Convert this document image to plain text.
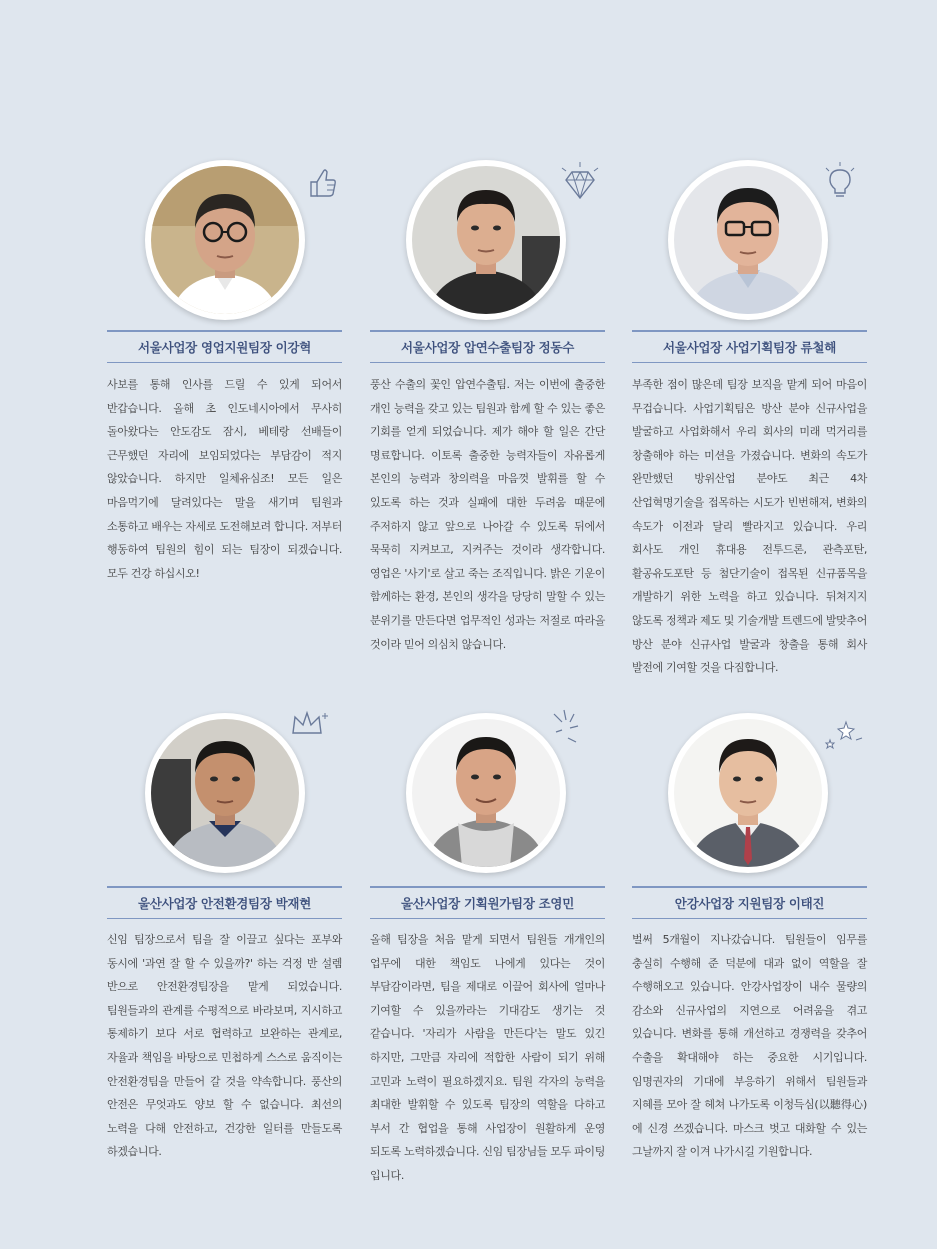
서울사업장 영업지원팀장 이강혁
사보를 통해 인사를 드릴 수 있게 되어서 반갑습니다. 올해 초 인도네시아에서 무사히 돌아왔다는 안도감도 잠시, 베테랑 선배들이 근무했던 자리에 보임되었다는 부담감이 적지 않았습니다. 하지만 일체유심조! 모든 일은 마음먹기에 달려있다는 말을 새기며 팀원과 소통하고 배우는 자세로 도전해보려 합니다. 저부터 행동하여 팀원의 힘이 되는 팀장이 되겠습니다. 모두 건강 하십시오!
서울사업장 압연수출팀장 정동수
풍산 수출의 꽃인 압연수출팀. 저는 이번에 출중한 개인 능력을 갖고 있는 팀원과 함께 할 수 있는 좋은 기회를 얻게 되었습니다. 제가 해야 할 일은 간단 명료합니다. 이토록 출중한 능력자들이 자유롭게 본인의 능력과 창의력을 마음껏 발휘를 할 수 있도록 하는 것과 실패에 대한 두려움 때문에 주저하지 않고 앞으로 나아갈 수 있도록 뒤에서 묵묵히 지켜보고, 지켜주는 것이라 생각합니다. 영업은 '사기'로 살고 죽는 조직입니다. 밝은 기운이 함께하는 환경, 본인의 생각을 당당히 말할 수 있는 분위기를 만든다면 업무적인 성과는 저절로 따라올 것이라 믿어 의심치 않습니다.
서울사업장 사업기획팀장 류철해
부족한 점이 많은데 팀장 보직을 맡게 되어 마음이 무겁습니다. 사업기획팀은 방산 분야 신규사업을 발굴하고 사업화해서 우리 회사의 미래 먹거리를 창출해야 하는 미션을 가졌습니다. 변화의 속도가 완만했던 방위산업 분야도 최근 4차 산업혁명기술을 접목하는 시도가 빈번해져, 변화의 속도가 이전과 달리 빨라지고 있습니다. 우리 회사도 개인 휴대용 전투드론, 관측포탄, 활공유도포탄 등 첨단기술이 접목된 신규품목을 개발하기 위한 노력을 하고 있습니다. 뒤쳐지지 않도록 정책과 제도 및 기술개발 트렌드에 발맞추어 방산 분야 신규사업 발굴과 창출을 통해 회사 발전에 기여할 것을 다짐합니다.
울산사업장 안전환경팀장 박재현
신임 팀장으로서 팀을 잘 이끌고 싶다는 포부와 동시에 '과연 잘 할 수 있을까?' 하는 걱정 반 설렘 반으로 안전환경팀장을 맡게 되었습니다. 팀원들과의 관계를 수평적으로 바라보며, 지시하고 통제하기 보다 서로 협력하고 보완하는 관계로, 자율과 책임을 바탕으로 민첩하게 스스로 움직이는 안전환경팀을 만들어 갈 것을 약속합니다. 풍산의 안전은 무엇과도 양보 할 수 없습니다. 최선의 노력을 다해 안전하고, 건강한 일터를 만들도록 하겠습니다.
울산사업장 기획원가팀장 조영민
올해 팀장을 처음 맡게 되면서 팀원들 개개인의 업무에 대한 책임도 나에게 있다는 것이 부담감이라면, 팀을 제대로 이끌어 회사에 얼마나 기여할 수 있을까라는 기대감도 생기는 것 같습니다. '자리가 사람을 만든다'는 말도 있긴 하지만, 그만큼 자리에 적합한 사람이 되기 위해 고민과 노력이 필요하겠지요. 팀원 각자의 능력을 최대한 발휘할 수 있도록 팀장의 역할을 다하고 부서 간 협업을 통해 사업장이 원활하게 운영 되도록 노력하겠습니다. 신임 팀장님들 모두 파이팅 입니다.
안강사업장 지원팀장 이태진
벌써 5개월이 지나갔습니다. 팀원들이 임무를 충실히 수행해 준 덕분에 대과 없이 역할을 잘 수행해오고 있습니다. 안강사업장이 내수 물량의 감소와 신규사업의 지연으로 어려움을 겪고 있습니다. 변화를 통해 개선하고 경쟁력을 갖추어 수출을 확대해야 하는 중요한 시기입니다. 임명권자의 기대에 부응하기 위해서 팀원들과 지혜를 모아 잘 헤쳐 나가도록 이청득심(以聽得心)에 신경 쓰겠습니다. 마스크 벗고 대화할 수 있는 그날까지 잘 이겨 나가시길 기원합니다.
